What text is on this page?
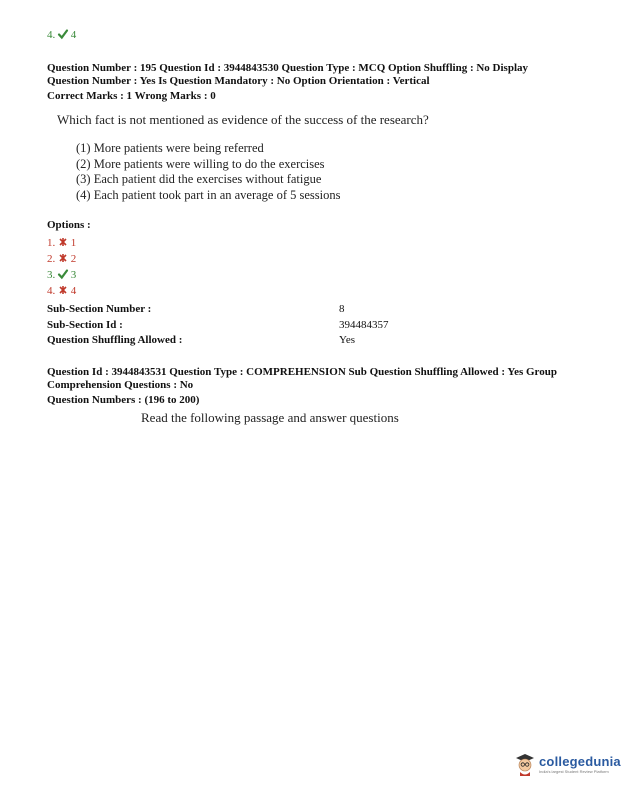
4. 4
Question Number : 195 Question Id : 3944843530 Question Type : MCQ Option Shuffling : No Display
Question Number : Yes Is Question Mandatory : No Option Orientation : Vertical
Correct Marks : 1 Wrong Marks : 0
Which fact is not mentioned as evidence of the success of the research?
(1) More patients were being referred
(2) More patients were willing to do the exercises
(3) Each patient did the exercises without fatigue
(4) Each patient took part in an average of 5 sessions
Options :
1. 1
2. 2
3. 3
4. 4
Sub-Section Number :	8
Sub-Section Id :	394484357
Question Shuffling Allowed :	Yes
Question Id : 3944843531 Question Type : COMPREHENSION Sub Question Shuffling Allowed : Yes Group
Comprehension Questions : No
Question Numbers : (196 to 200)
Read the following passage and answer questions
collegedunia
India's largest Student Review Platform
